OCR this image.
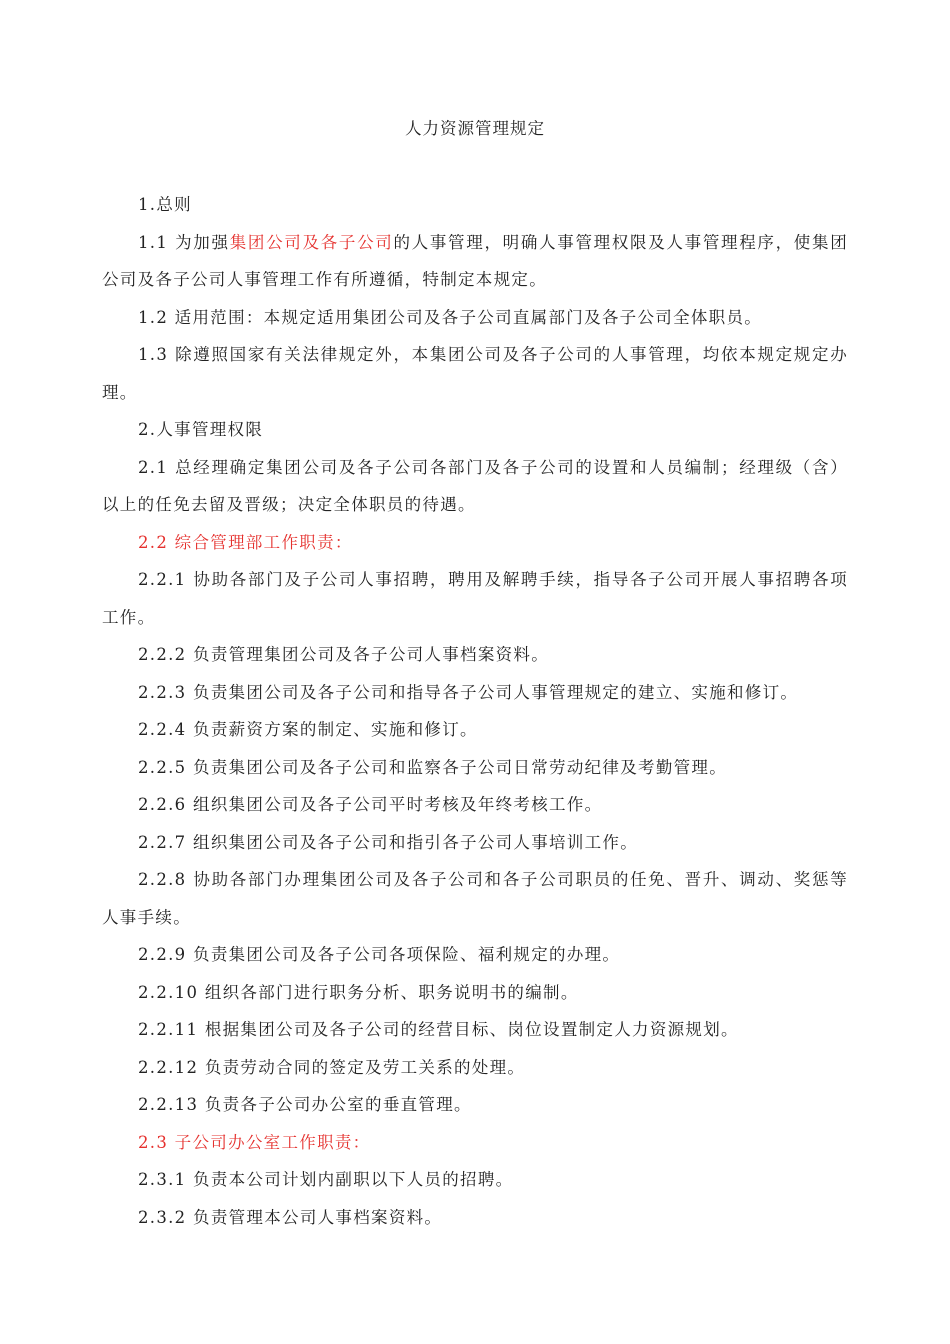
人力资源管理规定

1.总则

1.1 为加强集团公司及各子公司的人事管理，明确人事管理权限及人事管理程序，使集团公司及各子公司人事管理工作有所遵循，特制定本规定。

1.2 适用范围：本规定适用集团公司及各子公司直属部门及各子公司全体职员。

1.3 除遵照国家有关法律规定外，本集团公司及各子公司的人事管理，均依本规定规定办理。

2.人事管理权限

2.1 总经理确定集团公司及各子公司各部门及各子公司的设置和人员编制；经理级（含）以上的任免去留及晋级；决定全体职员的待遇。

2.2 综合管理部工作职责：

2.2.1 协助各部门及子公司人事招聘，聘用及解聘手续，指导各子公司开展人事招聘各项工作。

2.2.2 负责管理集团公司及各子公司人事档案资料。

2.2.3 负责集团公司及各子公司和指导各子公司人事管理规定的建立、实施和修订。

2.2.4 负责薪资方案的制定、实施和修订。

2.2.5 负责集团公司及各子公司和监察各子公司日常劳动纪律及考勤管理。

2.2.6 组织集团公司及各子公司平时考核及年终考核工作。

2.2.7 组织集团公司及各子公司和指引各子公司人事培训工作。

2.2.8 协助各部门办理集团公司及各子公司和各子公司职员的任免、晋升、调动、奖惩等人事手续。

2.2.9 负责集团公司及各子公司各项保险、福利规定的办理。

2.2.10 组织各部门进行职务分析、职务说明书的编制。

2.2.11 根据集团公司及各子公司的经营目标、岗位设置制定人力资源规划。

2.2.12 负责劳动合同的签定及劳工关系的处理。

2.2.13 负责各子公司办公室的垂直管理。

2.3 子公司办公室工作职责：

2.3.1 负责本公司计划内副职以下人员的招聘。

2.3.2 负责管理本公司人事档案资料。
